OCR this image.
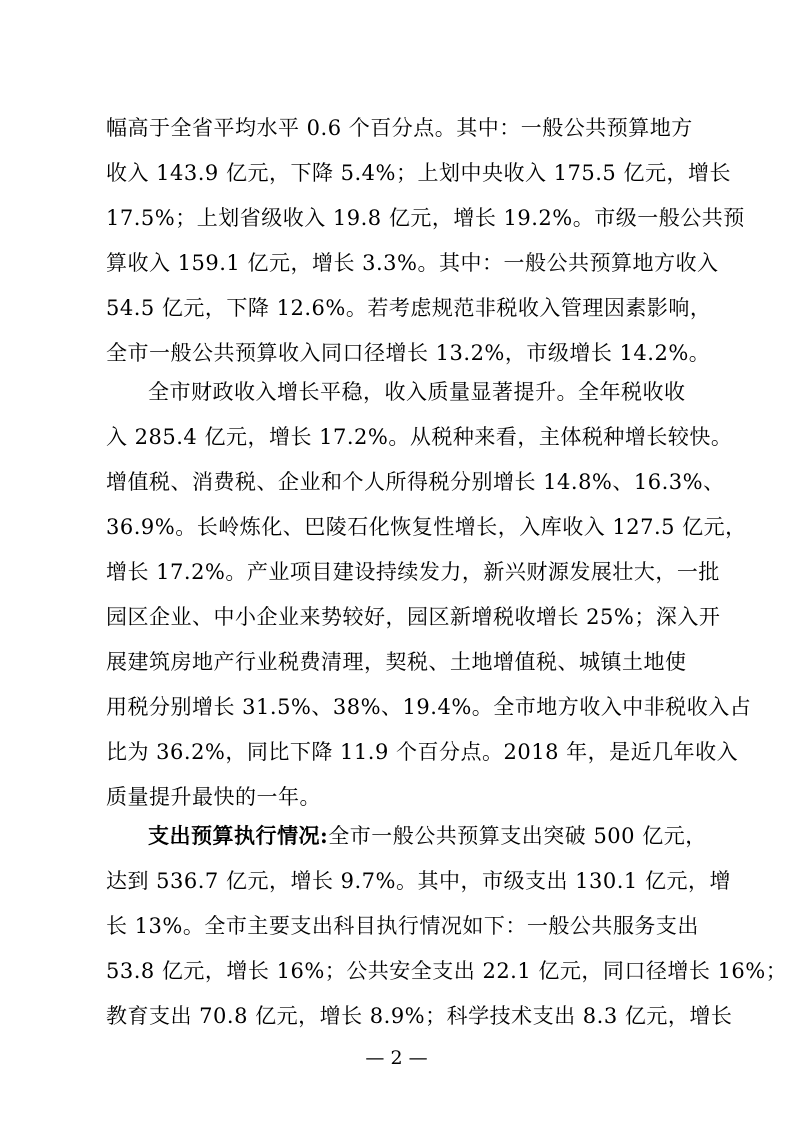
幅高于全省平均水平 0.6 个百分点。其中：一般公共预算地方
收入 143.9 亿元，下降 5.4%；上划中央收入 175.5 亿元，增长
17.5%；上划省级收入 19.8 亿元，增长 19.2%。市级一般公共预
算收入 159.1 亿元，增长 3.3%。其中：一般公共预算地方收入
54.5 亿元，下降 12.6%。若考虑规范非税收入管理因素影响，
全市一般公共预算收入同口径增长 13.2%，市级增长 14.2%。
全市财政收入增长平稳，收入质量显著提升。全年税收收
入 285.4 亿元，增长 17.2%。从税种来看，主体税种增长较快。
增值税、消费税、企业和个人所得税分别增长 14.8%、16.3%、
36.9%。长岭炼化、巴陵石化恢复性增长，入库收入 127.5 亿元，
增长 17.2%。产业项目建设持续发力，新兴财源发展壮大，一批
园区企业、中小企业来势较好，园区新增税收增长 25%；深入开
展建筑房地产行业税费清理，契税、土地增值税、城镇土地使
用税分别增长 31.5%、38%、19.4%。全市地方收入中非税收入占
比为 36.2%，同比下降 11.9 个百分点。2018 年，是近几年收入
质量提升最快的一年。
支出预算执行情况:全市一般公共预算支出突破 500 亿元，
达到 536.7 亿元，增长 9.7%。其中，市级支出 130.1 亿元，增
长 13%。全市主要支出科目执行情况如下：一般公共服务支出
53.8 亿元，增长 16%；公共安全支出 22.1 亿元，同口径增长 16%；
教育支出 70.8 亿元，增长 8.9%；科学技术支出 8.3 亿元，增长
— 2 —
